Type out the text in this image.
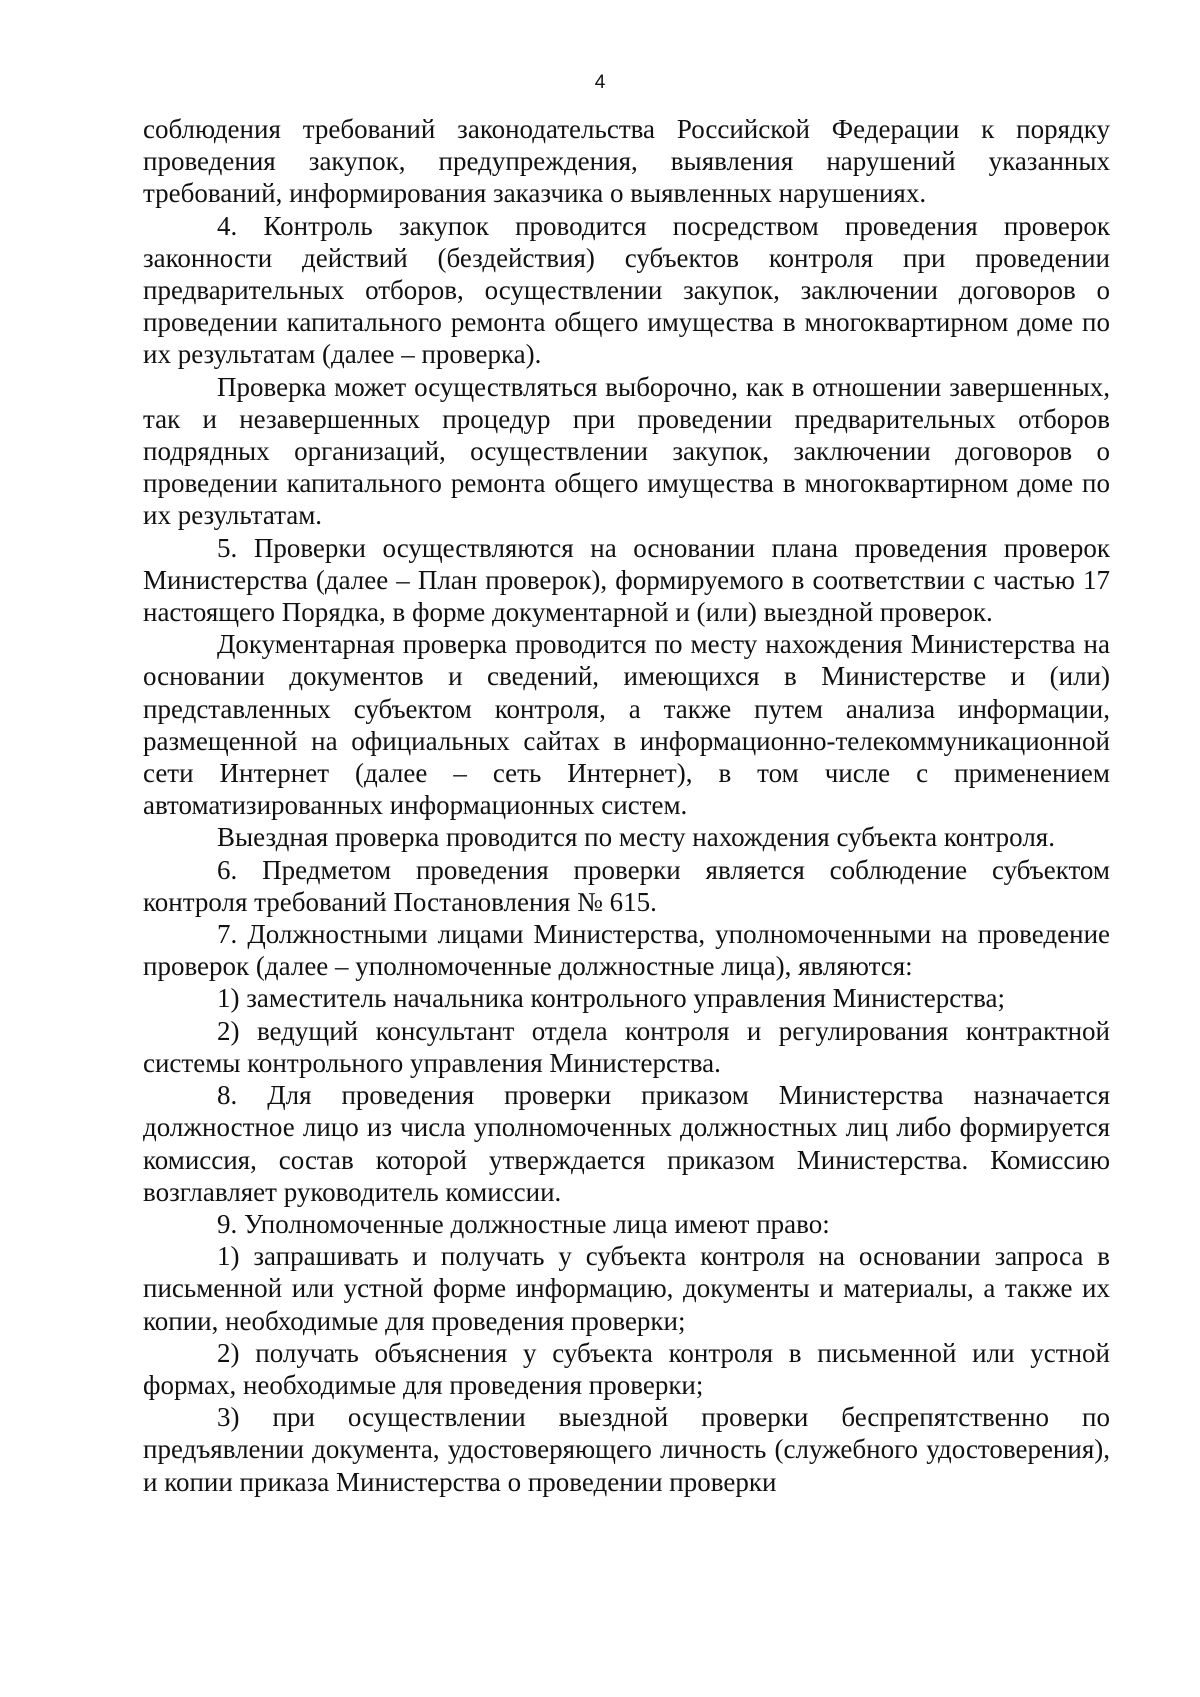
4

соблюдения требований законодательства Российской Федерации к порядку проведения закупок, предупреждения, выявления нарушений указанных требований, информирования заказчика о выявленных нарушениях.

4. Контроль закупок проводится посредством проведения проверок законности действий (бездействия) субъектов контроля при проведении предварительных отборов, осуществлении закупок, заключении договоров о проведении капитального ремонта общего имущества в многоквартирном доме по их результатам (далее – проверка).

Проверка может осуществляться выборочно, как в отношении завершенных, так и незавершенных процедур при проведении предварительных отборов подрядных организаций, осуществлении закупок, заключении договоров о проведении капитального ремонта общего имущества в многоквартирном доме по их результатам.

5. Проверки осуществляются на основании плана проведения проверок Министерства (далее – План проверок), формируемого в соответствии с частью 17 настоящего Порядка, в форме документарной и (или) выездной проверок.

Документарная проверка проводится по месту нахождения Министерства на основании документов и сведений, имеющихся в Министерстве и (или) представленных субъектом контроля, а также путем анализа информации, размещенной на официальных сайтах в информационно-телекоммуникационной сети Интернет (далее – сеть Интернет), в том числе с применением автоматизированных информационных систем.

Выездная проверка проводится по месту нахождения субъекта контроля.

6. Предметом проведения проверки является соблюдение субъектом контроля требований Постановления № 615.

7. Должностными лицами Министерства, уполномоченными на проведение проверок (далее – уполномоченные должностные лица), являются:

1) заместитель начальника контрольного управления Министерства;

2) ведущий консультант отдела контроля и регулирования контрактной системы контрольного управления Министерства.

8. Для проведения проверки приказом Министерства назначается должностное лицо из числа уполномоченных должностных лиц либо формируется комиссия, состав которой утверждается приказом Министерства. Комиссию возглавляет руководитель комиссии.

9. Уполномоченные должностные лица имеют право:

1) запрашивать и получать у субъекта контроля на основании запроса в письменной или устной форме информацию, документы и материалы, а также их копии, необходимые для проведения проверки;

2) получать объяснения у субъекта контроля в письменной или устной формах, необходимые для проведения проверки;

3) при осуществлении выездной проверки беспрепятственно по предъявлении документа, удостоверяющего личность (служебного удостоверения), и копии приказа Министерства о проведении проверки
